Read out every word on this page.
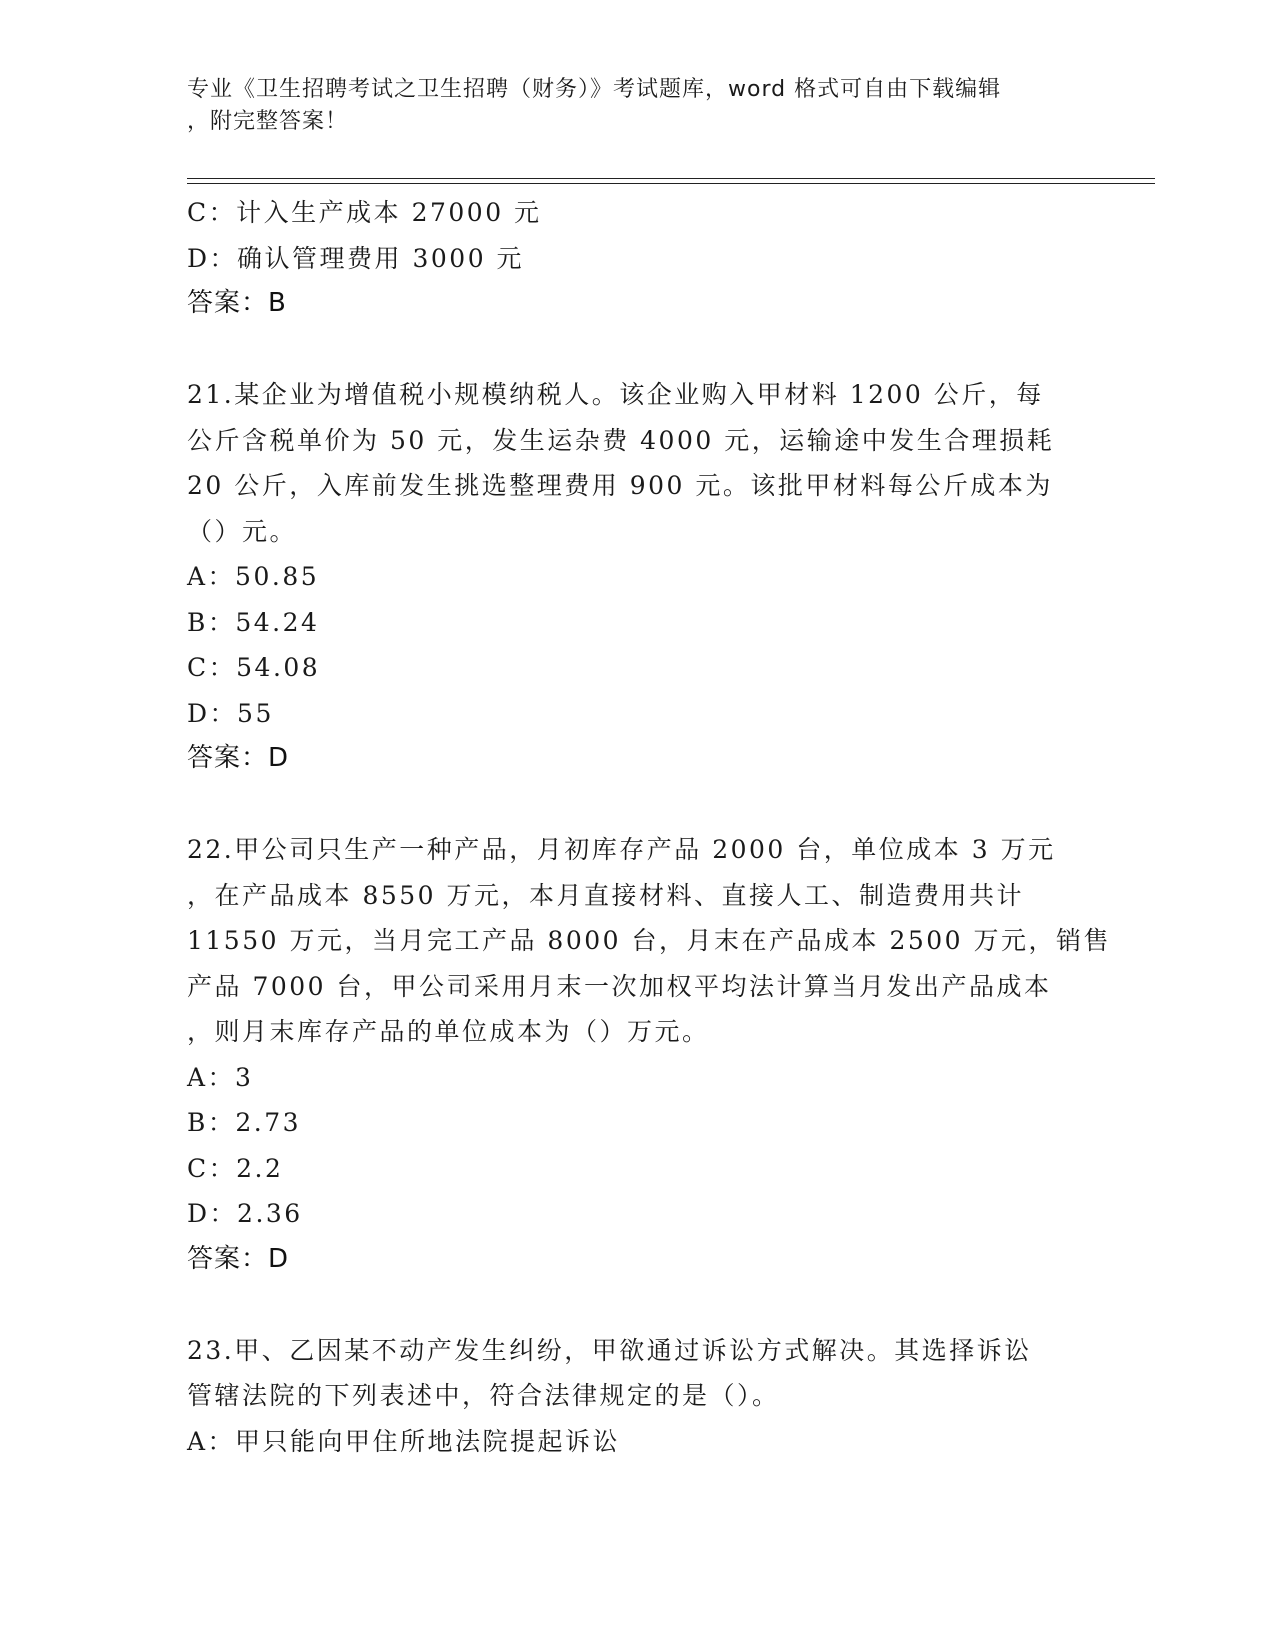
专业《卫生招聘考试之卫生招聘（财务）》考试题库，word 格式可自由下载编辑
，附完整答案！
C：计入生产成本 27000 元
D：确认管理费用 3000 元
答案：B
21.某企业为增值税小规模纳税人。该企业购入甲材料 1200 公斤，每
公斤含税单价为 50 元，发生运杂费 4000 元，运输途中发生合理损耗
20 公斤，入库前发生挑选整理费用 900 元。该批甲材料每公斤成本为
（）元。
A：50.85
B：54.24
C：54.08
D：55
答案：D
22.甲公司只生产一种产品，月初库存产品 2000 台，单位成本 3 万元
，在产品成本 8550 万元，本月直接材料、直接人工、制造费用共计
11550 万元，当月完工产品 8000 台，月末在产品成本 2500 万元，销售
产品 7000 台，甲公司采用月末一次加权平均法计算当月发出产品成本
，则月末库存产品的单位成本为（）万元。
A：3
B：2.73
C：2.2
D：2.36
答案：D
23.甲、乙因某不动产发生纠纷，甲欲通过诉讼方式解决。其选择诉讼
管辖法院的下列表述中，符合法律规定的是（）。
A：甲只能向甲住所地法院提起诉讼
